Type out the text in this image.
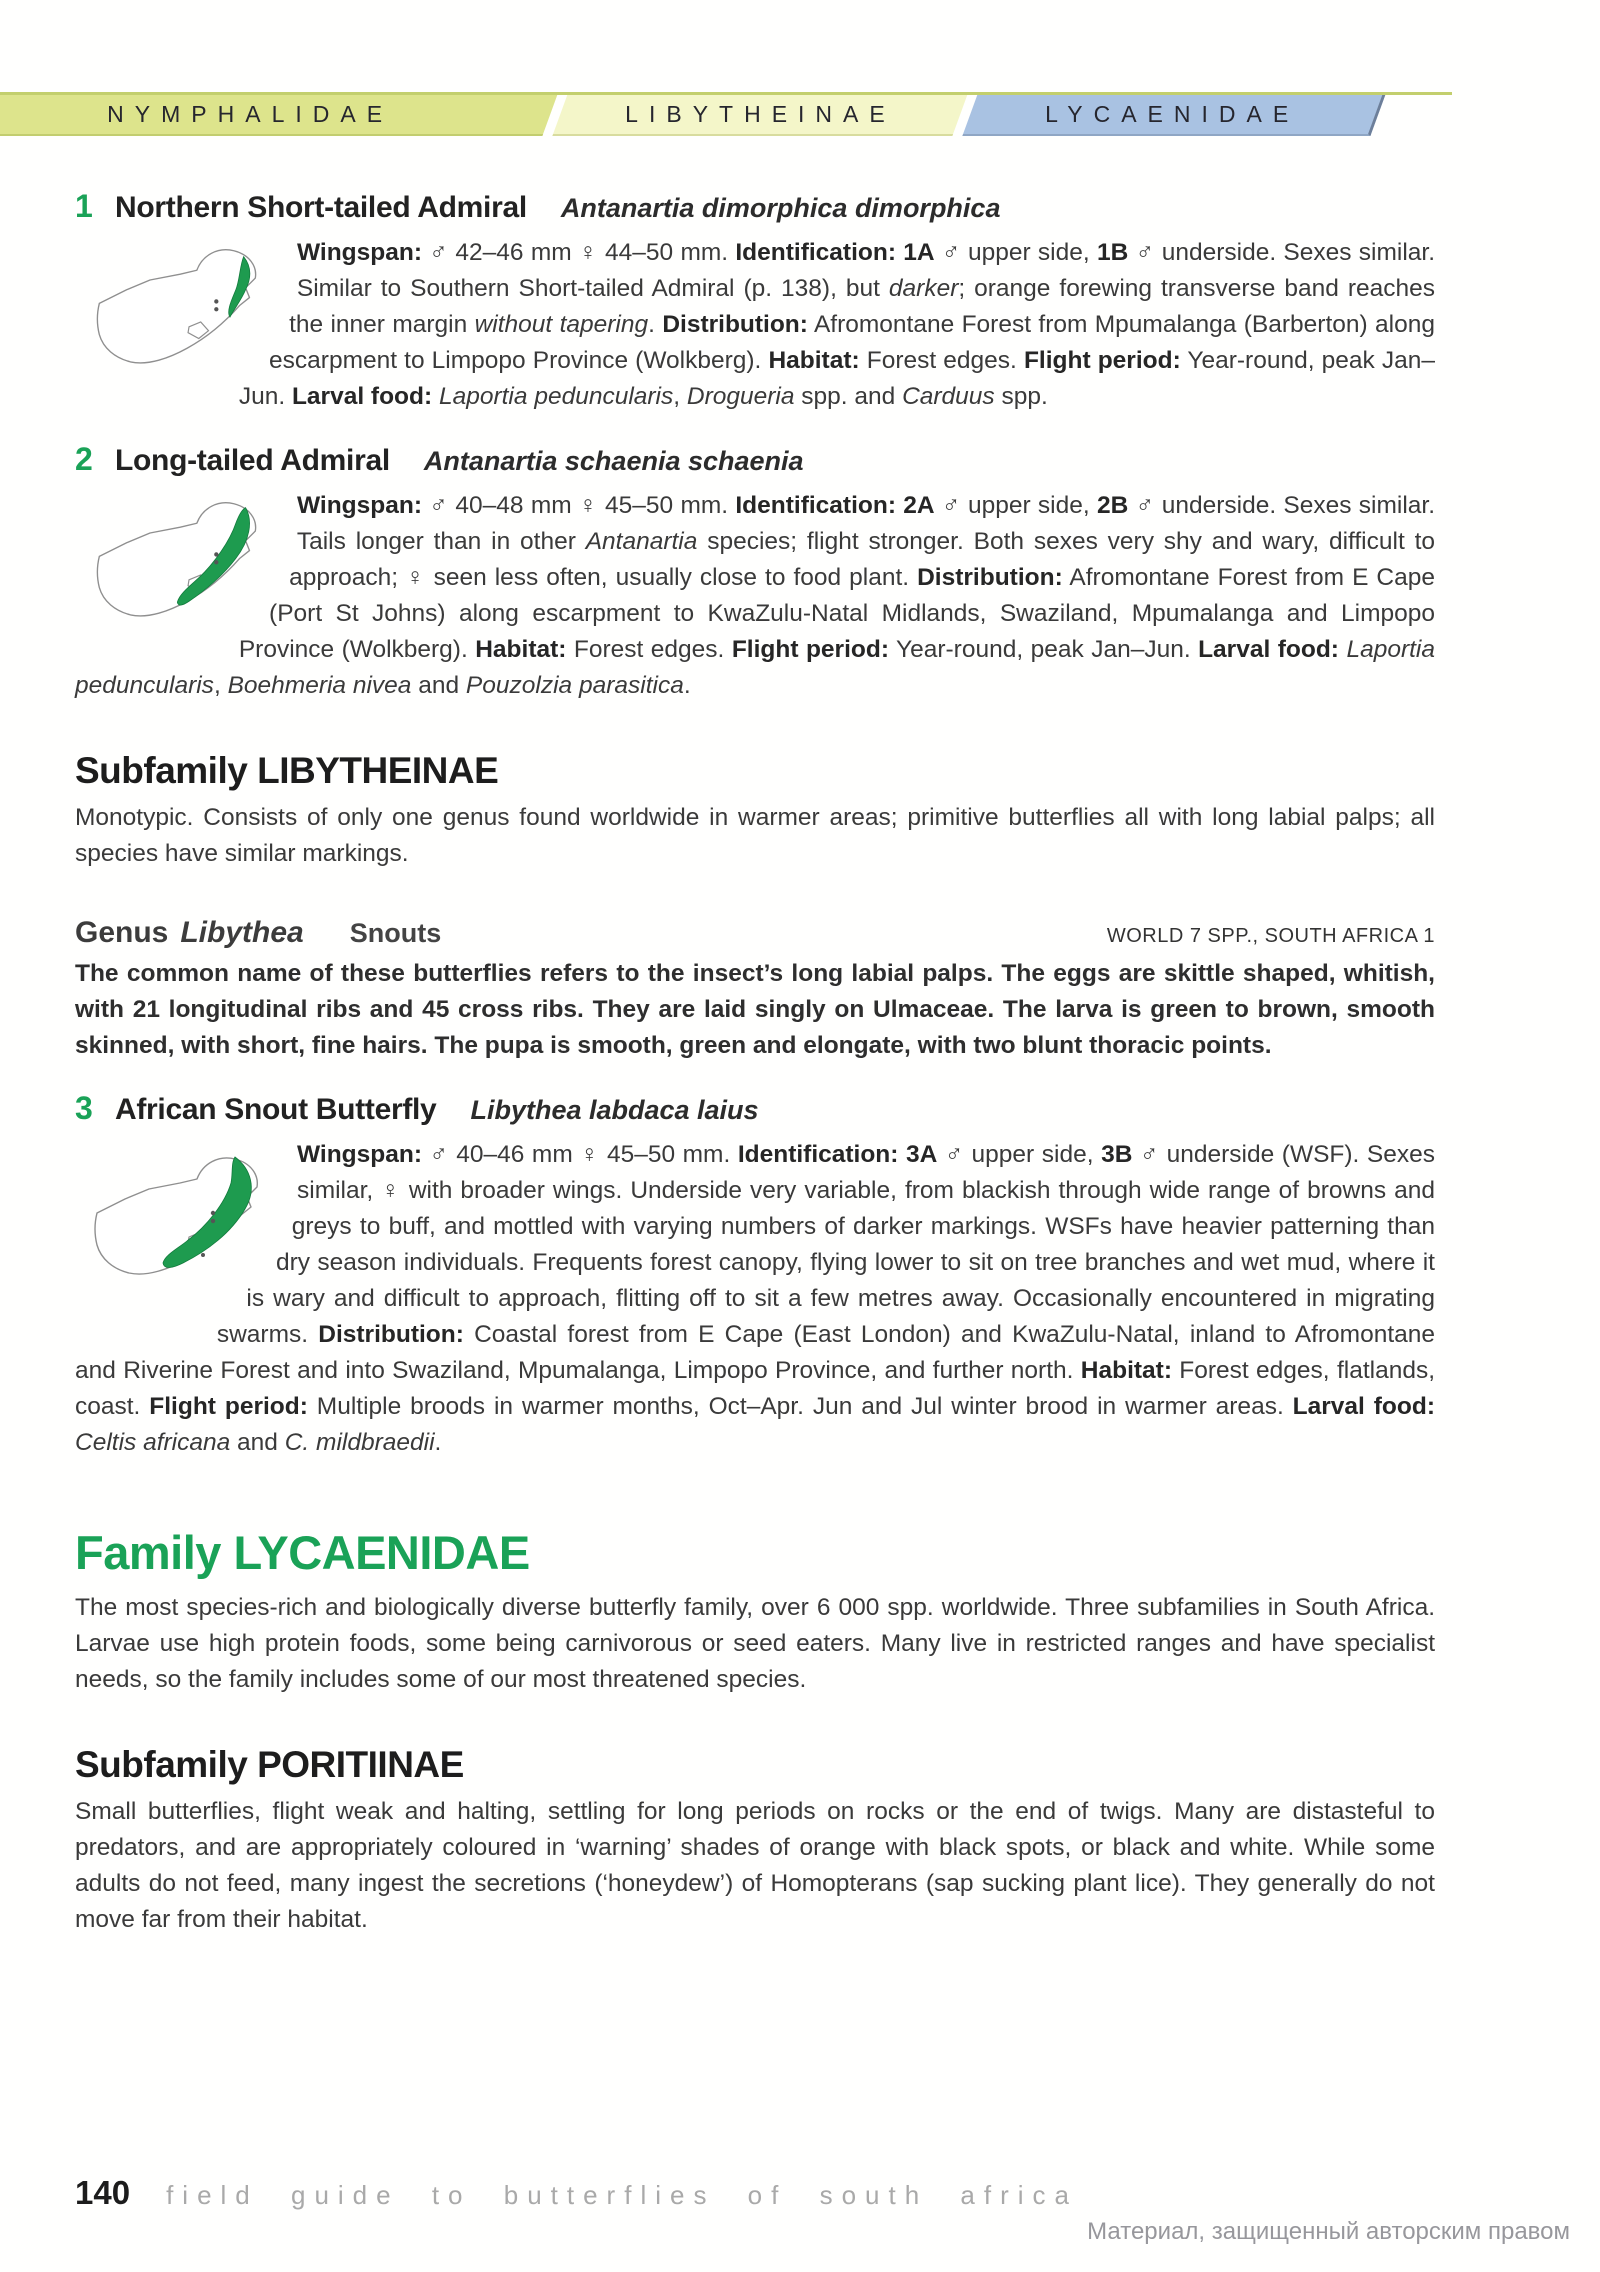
NYMPHALIDAE	LIBYTHEINAE	LYCAENIDAE
1 Northern Short-tailed Admiral Antanartia dimorphica dimorphica
Wingspan: ♂ 42–46 mm ♀ 44–50 mm. Identification: 1A ♂ upper side, 1B ♂ underside. Sexes similar. Similar to Southern Short-tailed Admiral (p. 138), but darker; orange forewing transverse band reaches the inner margin without tapering. Distribution: Afromontane Forest from Mpumalanga (Barberton) along escarpment to Limpopo Province (Wolkberg). Habitat: Forest edges. Flight period: Year-round, peak Jan–Jun. Larval food: Laportia peduncularis, Drogueria spp. and Carduus spp.
2 Long-tailed Admiral Antanartia schaenia schaenia
Wingspan: ♂ 40–48 mm ♀ 45–50 mm. Identification: 2A ♂ upper side, 2B ♂ underside. Sexes similar. Tails longer than in other Antanartia species; flight stronger. Both sexes very shy and wary, difficult to approach; ♀ seen less often, usually close to food plant. Distribution: Afromontane Forest from E Cape (Port St Johns) along escarpment to KwaZulu-Natal Midlands, Swaziland, Mpumalanga and Limpopo Province (Wolkberg). Habitat: Forest edges. Flight period: Year-round, peak Jan–Jun. Larval food: Laportia peduncularis, Boehmeria nivea and Pouzolzia parasitica.
Subfamily LIBYTHEINAE
Monotypic. Consists of only one genus found worldwide in warmer areas; primitive butterflies all with long labial palps; all species have similar markings.
Genus Libythea Snouts	WORLD 7 SPP., SOUTH AFRICA 1
The common name of these butterflies refers to the insect’s long labial palps. The eggs are skittle shaped, whitish, with 21 longitudinal ribs and 45 cross ribs. They are laid singly on Ulmaceae. The larva is green to brown, smooth skinned, with short, fine hairs. The pupa is smooth, green and elongate, with two blunt thoracic points.
3 African Snout Butterfly Libythea labdaca laius
Wingspan: ♂ 40–46 mm ♀ 45–50 mm. Identification: 3A ♂ upper side, 3B ♂ underside (WSF). Sexes similar, ♀ with broader wings. Underside very variable, from blackish through wide range of browns and greys to buff, and mottled with varying numbers of darker markings. WSFs have heavier patterning than dry season individuals. Frequents forest canopy, flying lower to sit on tree branches and wet mud, where it is wary and difficult to approach, flitting off to sit a few metres away. Occasionally encountered in migrating swarms. Distribution: Coastal forest from E Cape (East London) and KwaZulu-Natal, inland to Afromontane and Riverine Forest and into Swaziland, Mpumalanga, Limpopo Province, and further north. Habitat: Forest edges, flatlands, coast. Flight period: Multiple broods in warmer months, Oct–Apr. Jun and Jul winter brood in warmer areas. Larval food: Celtis africana and C. mildbraedii.
Family LYCAENIDAE
The most species-rich and biologically diverse butterfly family, over 6 000 spp. worldwide. Three subfamilies in South Africa. Larvae use high protein foods, some being carnivorous or seed eaters. Many live in restricted ranges and have specialist needs, so the family includes some of our most threatened species.
Subfamily PORITIINAE
Small butterflies, flight weak and halting, settling for long periods on rocks or the end of twigs. Many are distasteful to predators, and are appropriately coloured in ‘warning’ shades of orange with black spots, or black and white. While some adults do not feed, many ingest the secretions (‘honeydew’) of Homopterans (sap sucking plant lice). They generally do not move far from their habitat.
140 field guide to butterflies of south africa
Материал, защищенный авторским правом
